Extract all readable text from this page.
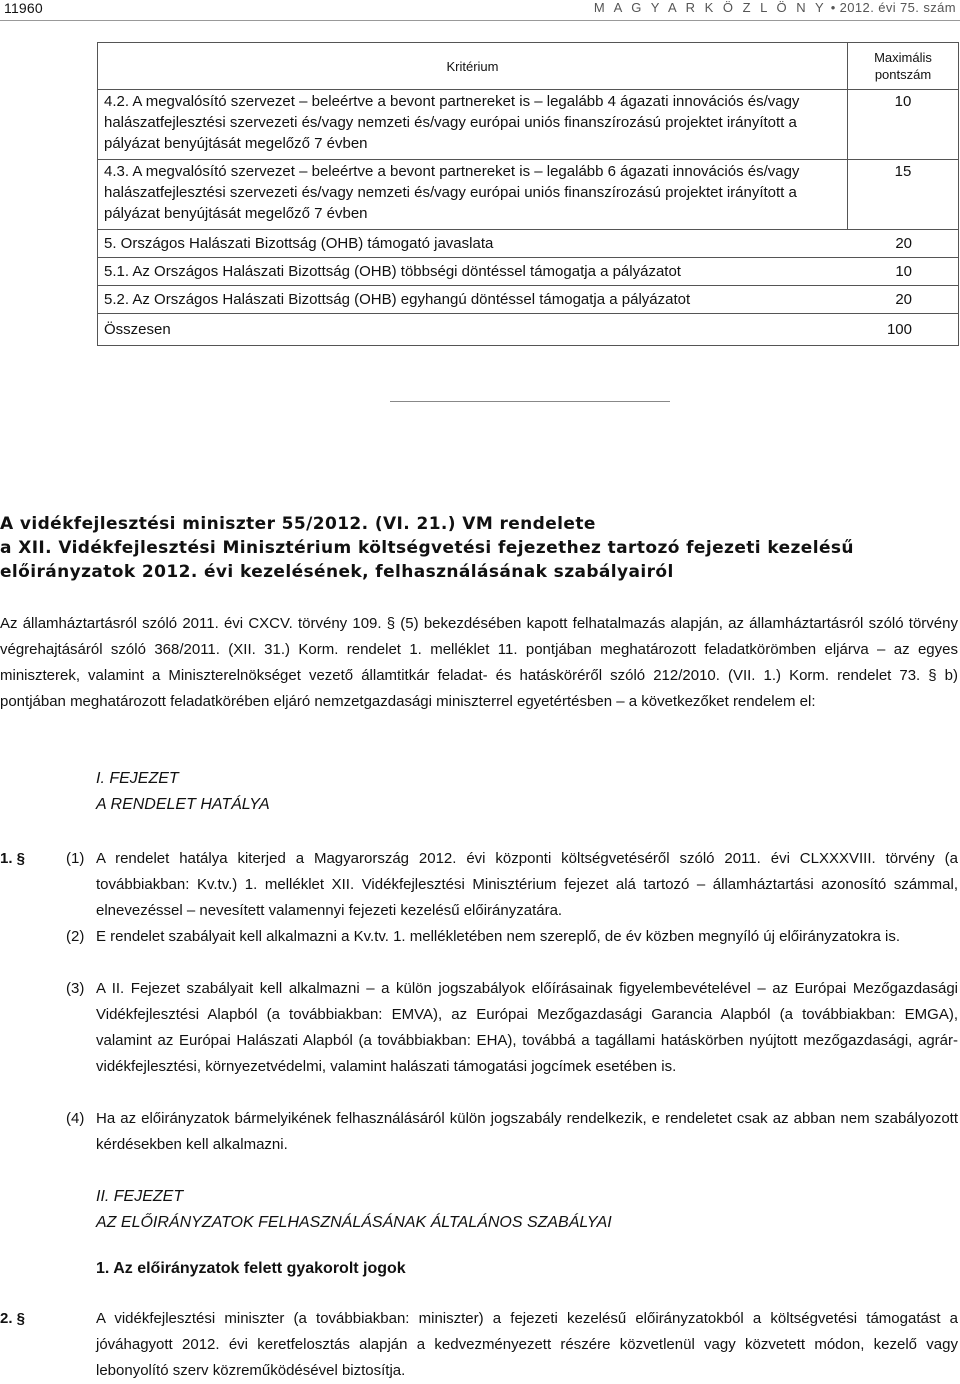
11960	M A G Y A R K Ö Z L Ö N Y • 2012. évi 75. szám
Kritérium	Maximális pontszám
4.2. A megvalósító szervezet – beleértve a bevont partnereket is – legalább 4 ágazati innovációs és/vagy halászatfejlesztési szervezeti és/vagy nemzeti és/vagy európai uniós finanszírozású projektet irányított a pályázat benyújtását megelőző 7 évben	10
4.3. A megvalósító szervezet – beleértve a bevont partnereket is – legalább 6 ágazati innovációs és/vagy halászatfejlesztési szervezeti és/vagy nemzeti és/vagy európai uniós finanszírozású projektet irányított a pályázat benyújtását megelőző 7 évben	15

5. Országos Halászati Bizottság (OHB) támogató javaslata 20	

5.1. Az Országos Halászati Bizottság (OHB) többségi döntéssel támogatja a pályázatot 10	

5.2. Az Országos Halászati Bizottság (OHB) egyhangú döntéssel támogatja a pályázatot 20	

Összesen 100	

A vidékfejlesztési miniszter 55/2012. (VI. 21.) VM rendelete

a XII. Vidékfejlesztési Minisztérium költségvetési fejezethez tartozó fejezeti kezelésű előirányzatok 2012. évi kezelésének, felhasználásának szabályairól

Az államháztartásról szóló 2011. évi CXCV. törvény 109. § (5) bekezdésében kapott felhatalmazás alapján, az államháztartásról szóló törvény végrehajtásáról szóló 368/2011. (XII. 31.) Korm. rendelet 1. melléklet 11. pontjában meghatározott feladatkörömben eljárva – az egyes miniszterek, valamint a Miniszterelnökséget vezető államtitkár feladat- és hatásköréről szóló 212/2010. (VII. 1.) Korm. rendelet 73. § b) pontjában meghatározott feladatkörében eljáró nemzetgazdasági miniszterrel egyetértésben – a következőket rendelem el:
I. FEJEZET
A RENDELET HATÁLYA
1. §	(1) A rendelet hatálya kiterjed a Magyarország 2012. évi központi költségvetéséről szóló 2011. évi CLXXXVIII. törvény (a továbbiakban: Kv.tv.) 1. melléklet XII. Vidékfejlesztési Minisztérium fejezet alá tartozó – államháztartási azonosító számmal, elnevezéssel – nevesített valamennyi fejezeti kezelésű előirányzatára.
(2) E rendelet szabályait kell alkalmazni a Kv.tv. 1. mellékletében nem szereplő, de év közben megnyíló új előirányzatokra is.
(3) A II. Fejezet szabályait kell alkalmazni – a külön jogszabályok előírásainak figyelembevételével – az Európai Mezőgazdasági Vidékfejlesztési Alapból (a továbbiakban: EMVA), az Európai Mezőgazdasági Garancia Alapból (a továbbiakban: EMGA), valamint az Európai Halászati Alapból (a továbbiakban: EHA), továbbá a tagállami hatáskörben nyújtott mezőgazdasági, agrár-vidékfejlesztési, környezetvédelmi, valamint halászati támogatási jogcímek esetében is.
(4) Ha az előirányzatok bármelyikének felhasználásáról külön jogszabály rendelkezik, e rendeletet csak az abban nem szabályozott kérdésekben kell alkalmazni.
II. FEJEZET
AZ ELŐIRÁNYZATOK FELHASZNÁLÁSÁNAK ÁLTALÁNOS SZABÁLYAI
1. Az előirányzatok felett gyakorolt jogok
2. §	A vidékfejlesztési miniszter (a továbbiakban: miniszter) a fejezeti kezelésű előirányzatokból a költségvetési támogatást a jóváhagyott 2012. évi keretfelosztás alapján a kedvezményezett részére közvetlenül vagy közvetett módon, kezelő vagy lebonyolító szerv közreműködésével biztosítja.
